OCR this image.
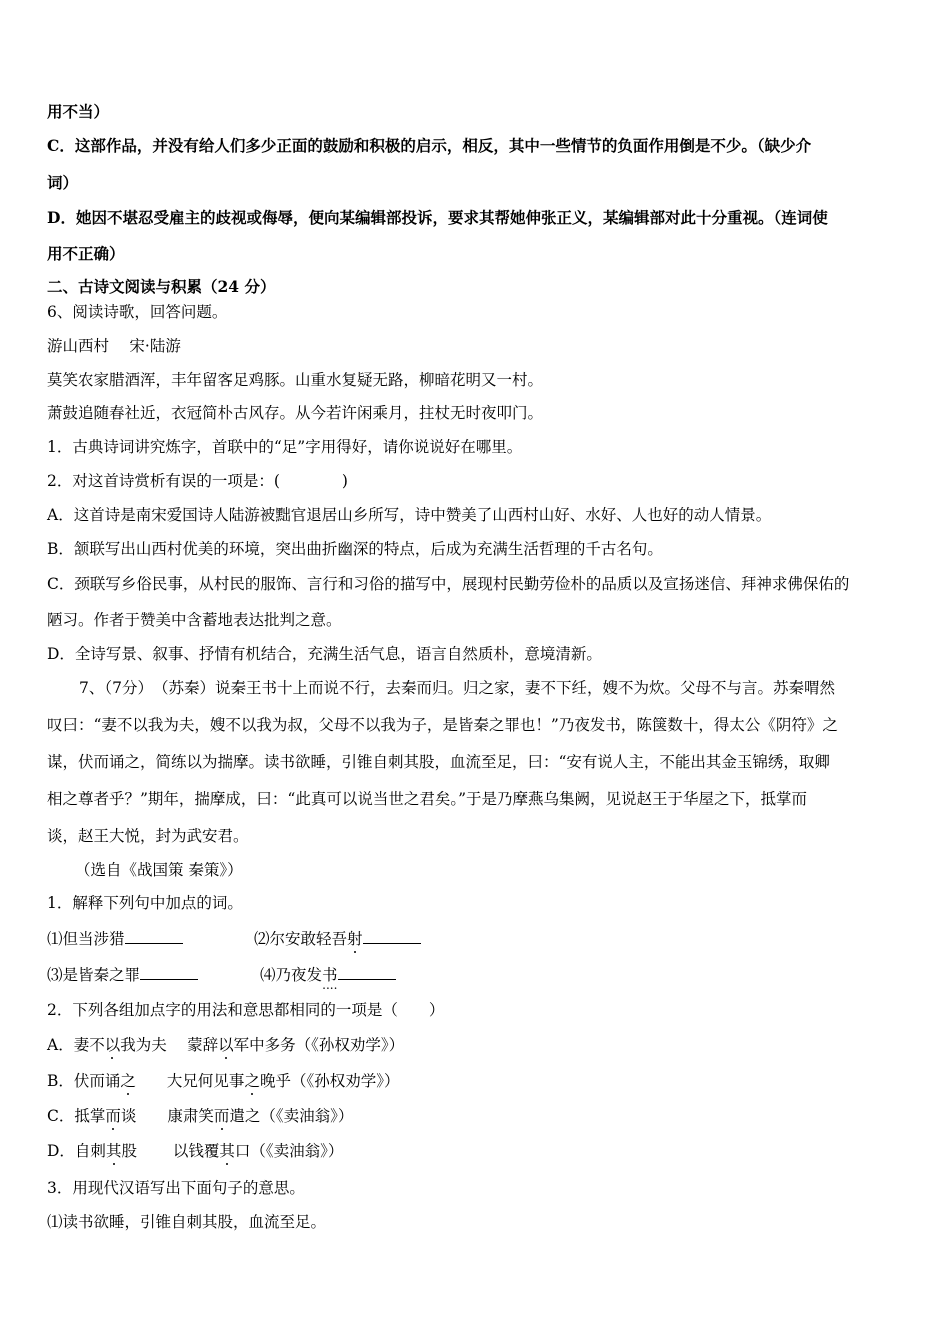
用不当）
C．这部作品，并没有给人们多少正面的鼓励和积极的启示，相反，其中一些情节的负面作用倒是不少。（缺少介
词）
D．她因不堪忍受雇主的歧视或侮辱，便向某编辑部投诉，要求其帮她伸张正义，某编辑部对此十分重视。（连词使
用不正确）
二、古诗文阅读与积累（24 分）
6、阅读诗歌，回答问题。
游山西村　 宋·陆游
莫笑农家腊酒浑，丰年留客足鸡豚。山重水复疑无路，柳暗花明又一村。
萧鼓追随春社近，衣冠简朴古风存。从今若许闲乘月，拄杖无时夜叩门。
1．古典诗词讲究炼字，首联中的“足”字用得好，请你说说好在哪里。
2．对这首诗赏析有误的一项是：(　　　　)
A．这首诗是南宋爱国诗人陆游被黜官退居山乡所写，诗中赞美了山西村山好、水好、人也好的动人情景。
B．颔联写出山西村优美的环境，突出曲折幽深的特点，后成为充满生活哲理的千古名句。
C．颈联写乡俗民事，从村民的服饰、言行和习俗的描写中，展现村民勤劳俭朴的品质以及宣扬迷信、拜神求佛保佑的
陋习。作者于赞美中含蓄地表达批判之意。
D．全诗写景、叙事、抒情有机结合，充满生活气息，语言自然质朴，意境清新。
7、（7分）　（苏秦）说秦王书十上而说不行，去秦而归。归之家，妻不下纴，嫂不为炊。父母不与言。苏秦喟然
叹曰：“妻不以我为夫，嫂不以我为叔，父母不以我为子，是皆秦之罪也！”乃夜发书，陈箧数十，得太公《阴符》之
谋，伏而诵之，简练以为揣摩。读书欲睡，引锥自刺其股，血流至足，曰：“安有说人主，不能出其金玉锦绣，取卿
相之尊者乎？”期年，揣摩成，曰：“此真可以说当世之君矣。”于是乃摩燕乌集阙，见说赵王于华屋之下，抵掌而
谈，赵王大悦，封为武安君。
（选自《战国策 秦策》）
1．解释下列句中加点的词。
⑴但当涉猎	⑵尔安敢轻吾射
⑶是皆秦之罪	⑷乃夜发书 ....
2．下列各组加点字的用法和意思都相同的一项是（　　）
A．妻不以我为夫　 蒙辞以军中多务（《孙权劝学》）
B．伏而诵之　　大兄何见事之晚乎（《孙权劝学》）
C．抵掌而谈　　康肃笑而遣之（《卖油翁》）
D．自刺其股　　 以钱覆其口（《卖油翁》）
3．用现代汉语写出下面句子的意思。
⑴读书欲睡，引锥自刺其股，血流至足。
